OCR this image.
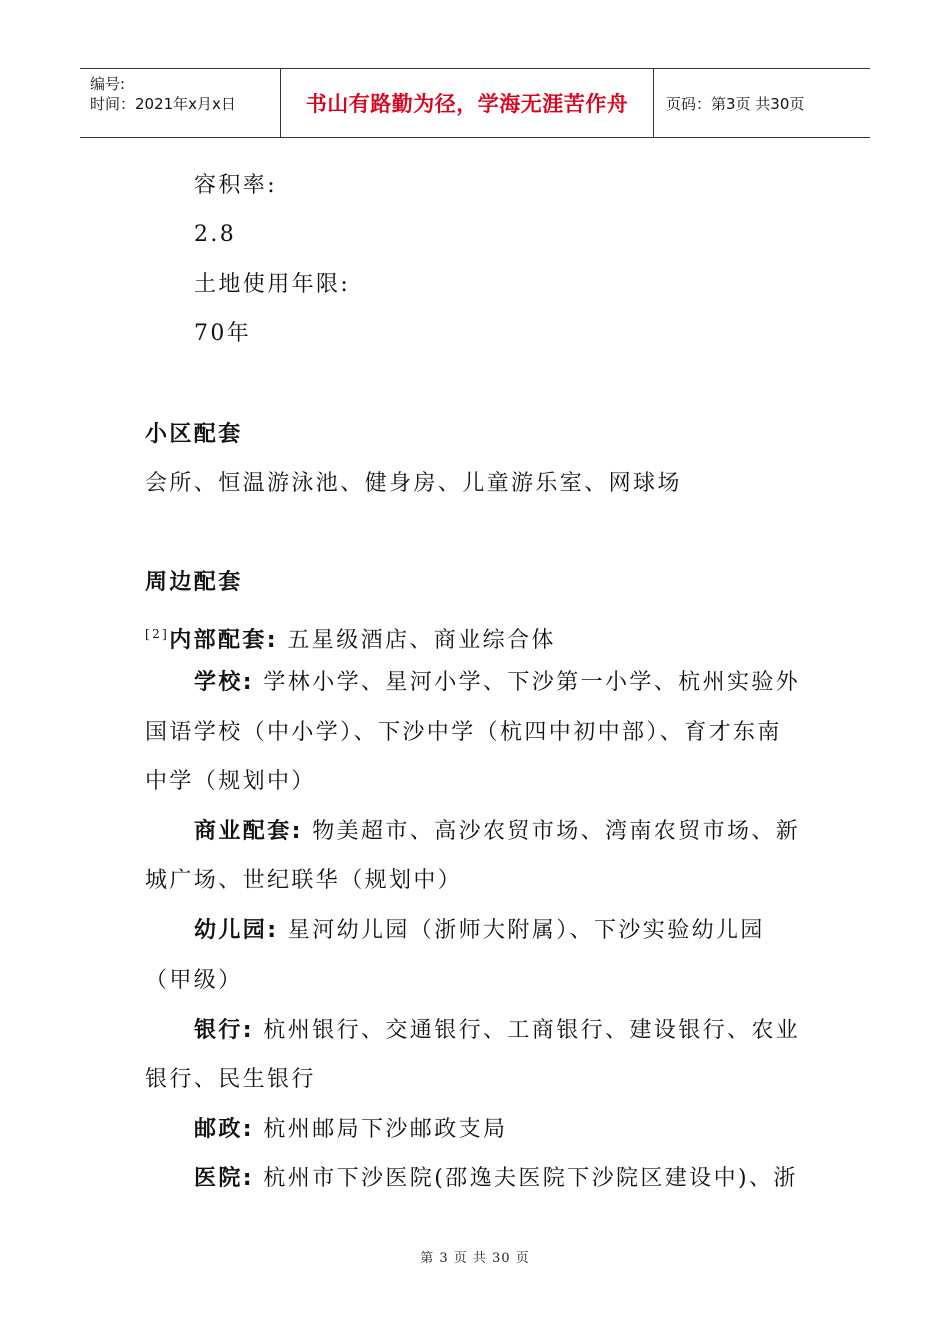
编号:
时间：2021年x月x日	书山有路勤为径，学海无涯苦作舟	页码：第3页 共30页
容积率:
2.8
土地使用年限:
70年
小区配套
会所、恒温游泳池、健身房、儿童游乐室、网球场
周边配套
[2]内部配套: 五星级酒店、商业综合体
学校: 学林小学、星河小学、下沙第一小学、杭州实验外
国语学校（中小学）、下沙中学（杭四中初中部）、育才东南
中学（规划中）
商业配套: 物美超市、高沙农贸市场、湾南农贸市场、新
城广场、世纪联华（规划中）
幼儿园: 星河幼儿园（浙师大附属）、下沙实验幼儿园
（甲级）
银行: 杭州银行、交通银行、工商银行、建设银行、农业
银行、民生银行
邮政: 杭州邮局下沙邮政支局
医院: 杭州市下沙医院(邵逸夫医院下沙院区建设中)、浙
第 3 页 共 30 页
